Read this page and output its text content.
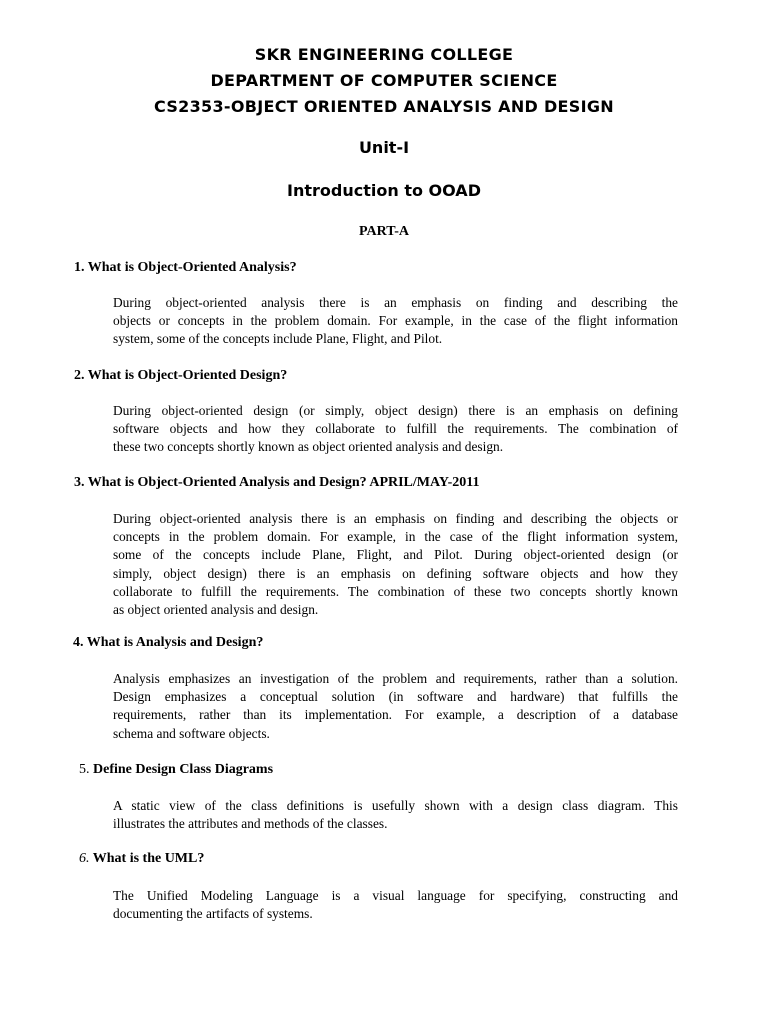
SKR ENGINEERING COLLEGE
DEPARTMENT OF COMPUTER SCIENCE
CS2353-OBJECT ORIENTED ANALYSIS AND DESIGN
Unit-I
Introduction to OOAD
PART-A
1. What is Object-Oriented Analysis?
During object-oriented analysis there is an emphasis on finding and describing the
objects or concepts in the problem domain. For example, in the case of the flight information
system, some of the concepts include Plane, Flight, and Pilot.
2. What is Object-Oriented Design?
During object-oriented design (or simply, object design) there is an emphasis on defining
software objects and how they collaborate to fulfill the requirements. The combination of
these two concepts shortly known as object oriented analysis and design.
3. What is Object-Oriented Analysis and Design? APRIL/MAY-2011
During object-oriented analysis there is an emphasis on finding and describing the objects or
concepts in the problem domain. For example, in the case of the flight information system,
some of the concepts include Plane, Flight, and Pilot. During object-oriented design (or
simply, object design) there is an emphasis on defining software objects and how they
collaborate to fulfill the requirements. The combination of these two concepts shortly known
as object oriented analysis and design.
4. What is Analysis and Design?
Analysis emphasizes an investigation of the problem and requirements, rather than a solution.
Design emphasizes a conceptual solution (in software and hardware) that fulfills the
requirements, rather than its implementation. For example, a description of a database
schema and software objects.
5. Define Design Class Diagrams
A static view of the class definitions is usefully shown with a design class diagram. This
illustrates the attributes and methods of the classes.
6. What is the UML?
The Unified Modeling Language is a visual language for specifying, constructing and
documenting the artifacts of systems.
